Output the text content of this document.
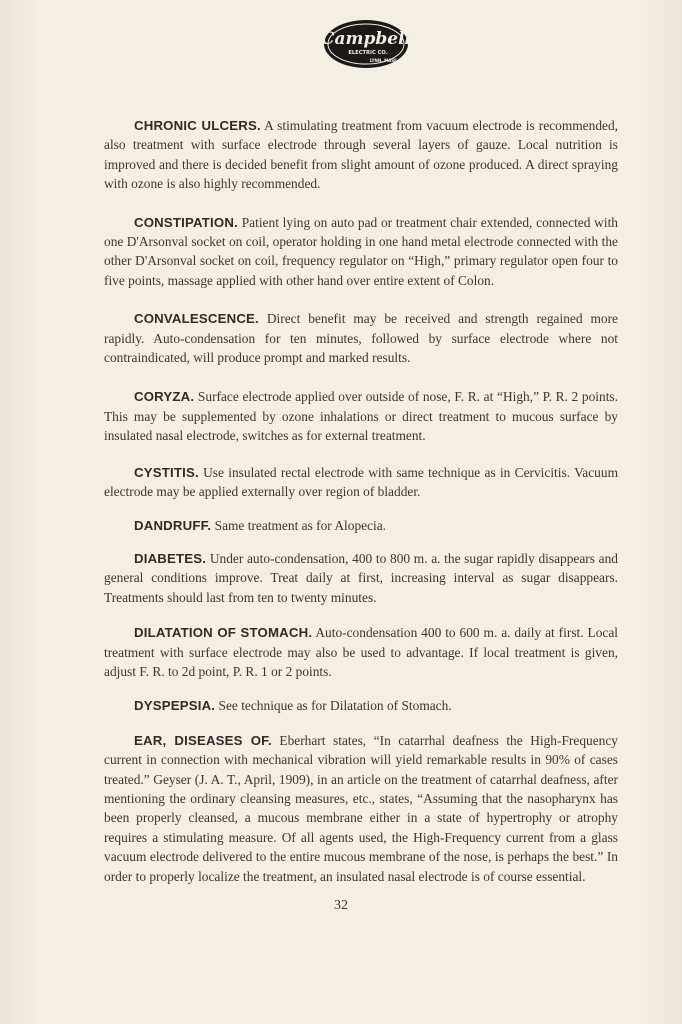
Campbell
ELECTRIC CO.
LYNN, MASS.

CHRONIC ULCERS. A stimulating treatment from vacuum electrode is recommended, also treatment with surface electrode through several layers of gauze. Local nutrition is improved and there is decided benefit from slight amount of ozone produced. A direct spraying with ozone is also highly recommended.

CONSTIPATION. Patient lying on auto pad or treatment chair extended, connected with one D'Arsonval socket on coil, operator holding in one hand metal electrode connected with the other D'Arsonval socket on coil, frequency regulator on “High,” primary regulator open four to five points, massage applied with other hand over entire extent of Colon.

CONVALESCENCE. Direct benefit may be received and strength regained more rapidly. Auto-condensation for ten minutes, followed by surface electrode where not contraindicated, will produce prompt and marked results.

CORYZA. Surface electrode applied over outside of nose, F. R. at “High,” P. R. 2 points. This may be supplemented by ozone inhalations or direct treatment to mucous surface by insulated nasal electrode, switches as for external treatment.

CYSTITIS. Use insulated rectal electrode with same technique as in Cervicitis. Vacuum electrode may be applied externally over region of bladder.

DANDRUFF. Same treatment as for Alopecia.

DIABETES. Under auto-condensation, 400 to 800 m. a. the sugar rapidly disappears and general conditions improve. Treat daily at first, increasing interval as sugar disappears. Treatments should last from ten to twenty minutes.

DILATATION OF STOMACH. Auto-condensation 400 to 600 m. a. daily at first. Local treatment with surface electrode may also be used to advantage. If local treatment is given, adjust F. R. to 2d point, P. R. 1 or 2 points.

DYSPEPSIA. See technique as for Dilatation of Stomach.

EAR, DISEASES OF. Eberhart states, “In catarrhal deafness the High-Frequency current in connection with mechanical vibration will yield remarkable results in 90% of cases treated.” Geyser (J. A. T., April, 1909), in an article on the treatment of catarrhal deafness, after mentioning the ordinary cleansing measures, etc., states, “Assuming that the nasopharynx has been properly cleansed, a mucous membrane either in a state of hypertrophy or atrophy requires a stimulating measure. Of all agents used, the High-Frequency current from a glass vacuum electrode delivered to the entire mucous membrane of the nose, is perhaps the best.” In order to properly localize the treatment, an insulated nasal electrode is of course essential.

32
